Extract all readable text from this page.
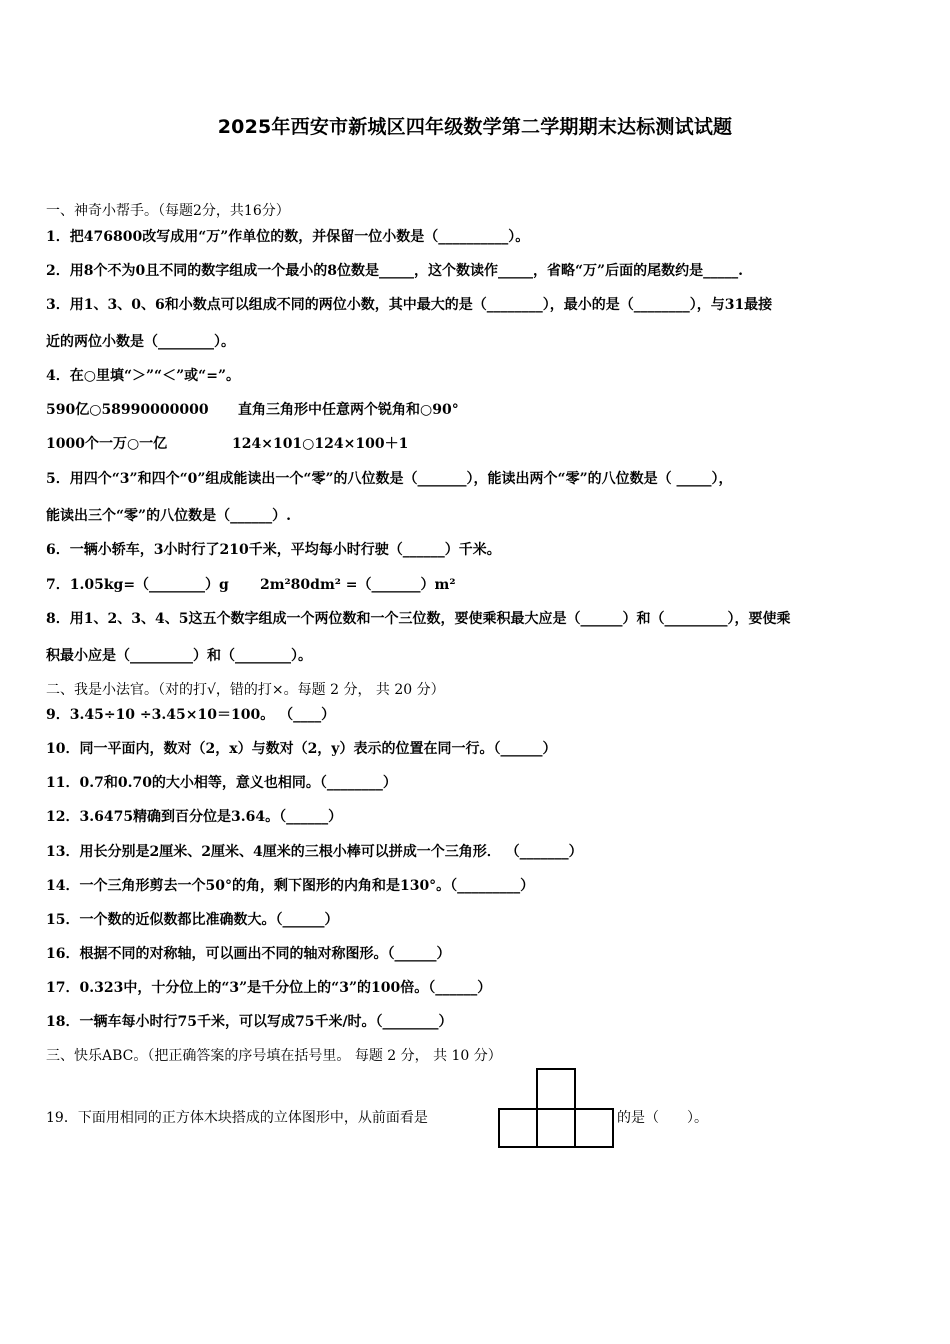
2025年西安市新城区四年级数学第二学期期末达标测试试题
一、神奇小帮手。（每题2分，共16分）
1．把476800改写成用“万”作单位的数，并保留一位小数是（__________）。
2．用8个不为0且不同的数字组成一个最小的8位数是_____，这个数读作_____，省略“万”后面的尾数约是_____.
3．用1、3、0、6和小数点可以组成不同的两位小数，其中最大的是（________），最小的是（________），与31最接
近的两位小数是（________）。
4．在○里填“＞”“＜”或“=”。
590亿○58990000000 直角三角形中任意两个锐角和○90°
1000个一万○一亿	124×101○124×100＋1
5．用四个“3”和四个“0”组成能读出一个“零”的八位数是（_______），能读出两个“零”的八位数是（ _____），
能读出三个“零”的八位数是（______）.
6．一辆小轿车，3小时行了210千米，平均每小时行驶（______）千米。
7．1.05kg=（________）g 2m²80dm² =（_______）m²
8．用1、2、3、4、5这五个数字组成一个两位数和一个三位数，要使乘积最大应是（______）和（_________），要使乘
积最小应是（_________）和（________）。
二、我是小法官。（对的打√，错的打×。每题 2 分， 共 20 分）
9．3.45÷10 ÷3.45×10＝100。 （____）
10．同一平面内，数对（2，x）与数对（2，y）表示的位置在同一行。（______）
11．0.7和0.70的大小相等，意义也相同。（________）
12．3.6475精确到百分位是3.64。（______）
13．用长分别是2厘米、2厘米、4厘米的三根小棒可以拼成一个三角形． （_______）
14．一个三角形剪去一个50°的角，剩下图形的内角和是130°。（_________）
15．一个数的近似数都比准确数大。（______）
16．根据不同的对称轴，可以画出不同的轴对称图形。（______）
17．0.323中，十分位上的“3”是千分位上的“3”的100倍。（______）
18．一辆车每小时行75千米，可以写成75千米/时。（________）
三、快乐ABC。（把正确答案的序号填在括号里。 每题 2 分， 共 10 分）
19．下面用相同的正方体木块搭成的立体图形中，从前面看是	的是（　　）。
